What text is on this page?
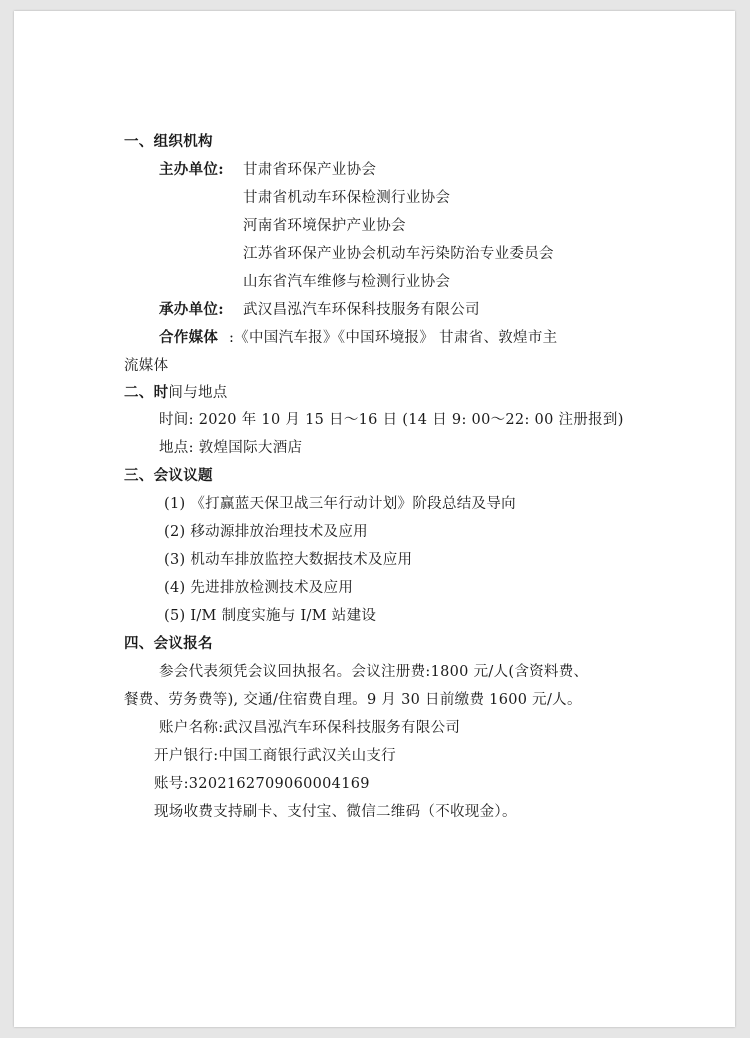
一、组织机构
主办单位: 甘肃省环保产业协会
甘肃省机动车环保检测行业协会
河南省环境保护产业协会
江苏省环保产业协会机动车污染防治专业委员会
山东省汽车维修与检测行业协会
承办单位: 武汉昌泓汽车环保科技服务有限公司
合作媒体 :《中国汽车报》《中国环境报》 甘肃省、敦煌市主
流媒体
二、时间与地点
时间: 2020 年 10 月 15 日～16 日 (14 日 9: 00～22: 00 注册报到)
地点: 敦煌国际大酒店
三、会议议题
(1) 《打赢蓝天保卫战三年行动计划》阶段总结及导向
(2) 移动源排放治理技术及应用
(3) 机动车排放监控大数据技术及应用
(4) 先进排放检测技术及应用
(5) I/M 制度实施与 I/M 站建设
四、会议报名
参会代表须凭会议回执报名。会议注册费:1800 元/人(含资料费、
餐费、劳务费等), 交通/住宿费自理。9 月 30 日前缴费 1600 元/人。
账户名称:武汉昌泓汽车环保科技服务有限公司
开户银行:中国工商银行武汉关山支行
账号:3202162709060004169
现场收费支持刷卡、支付宝、微信二维码（不收现金）。
